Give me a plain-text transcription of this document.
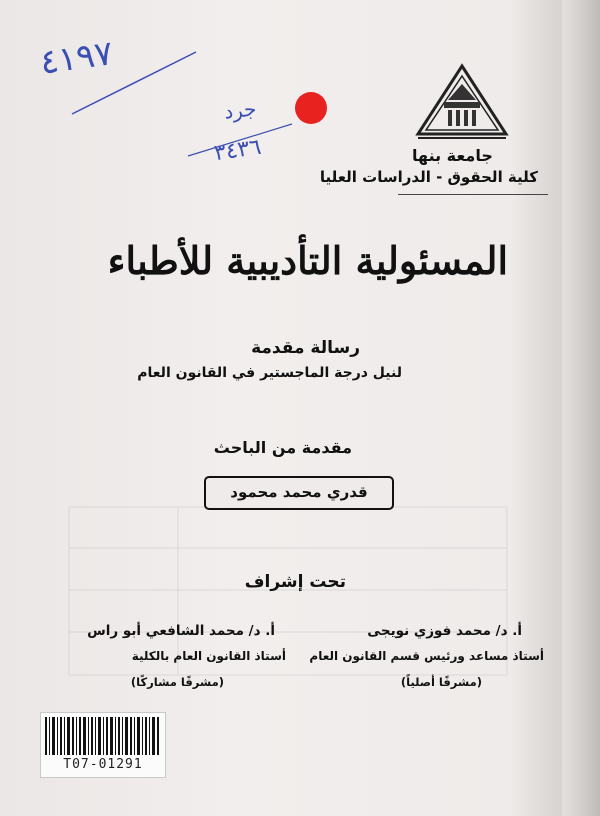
٤١٩٧
جرد
٣٤٣٦	جامعة بنها
كلية الحقوق - الدراسات العليا
المسئولية التأديبية للأطباء
رسالة مقدمة
لنيل درجة الماجستير في القانون العام
مقدمة من الباحث
قدري محمد محمود
تحت إشراف
أ. د/ محمد فوزي نويجى
أستاذ مساعد ورئيس قسم القانون العام
(مشرفًا أصلياً)
أ. د/ محمد الشافعي أبو راس
أستاذ القانون العام بالكلية
(مشرفًا مشاركًا)
T07-01291
